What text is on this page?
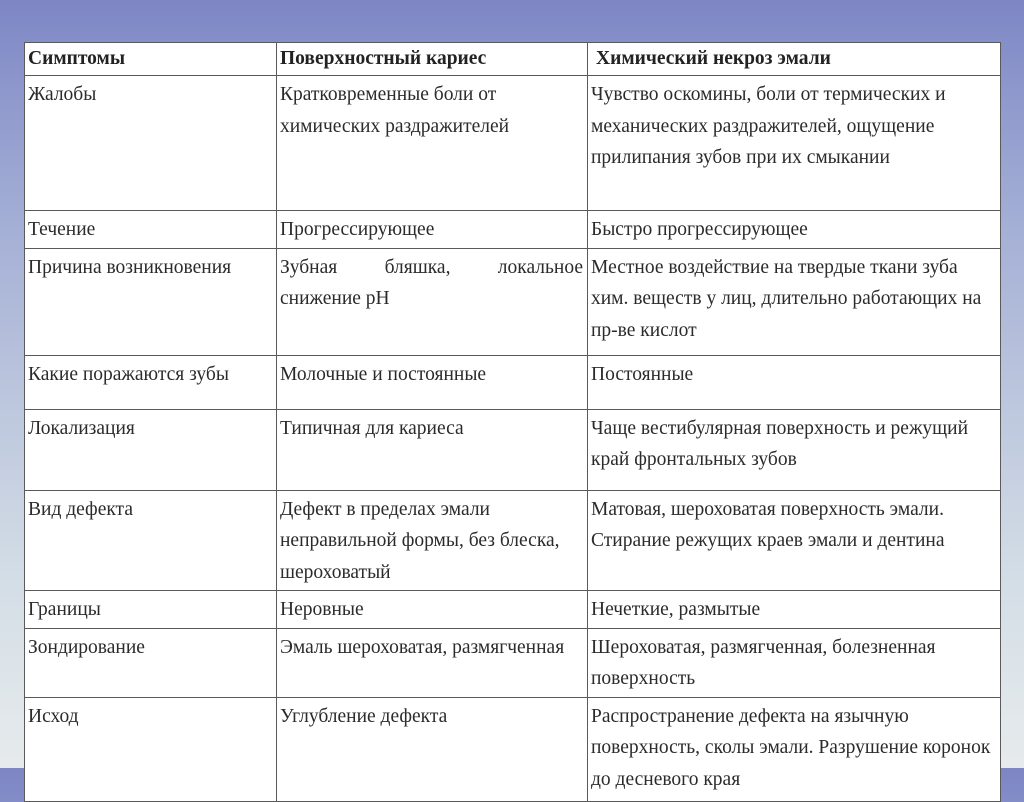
Симптомы	Поверхностный кариес	Химический некроз эмали
Жалобы	Кратковременные боли от химических раздражителей	Чувство оскомины, боли от термических и механических раздражителей, ощущение прилипания зубов при их смыкании
Течение	Прогрессирующее	Быстро прогрессирующее
Причина возникновения	Зубная бляшка, локальное снижение pH	Местное воздействие на твердые ткани зуба хим. веществ у лиц, длительно работающих на пр-ве кислот
Какие поражаются зубы	Молочные и постоянные	Постоянные
Локализация	Типичная для кариеса	Чаще вестибулярная поверхность и режущий край фронтальных зубов
Вид дефекта	Дефект в пределах эмали неправильной формы, без блеска, шероховатый	Матовая, шероховатая поверхность эмали. Стирание режущих краев эмали и дентина
Границы	Неровные	Нечеткие, размытые
Зондирование	Эмаль шероховатая, размягченная	Шероховатая, размягченная, болезненная поверхность
Исход	Углубление дефекта	Распространение дефекта на язычную поверхность, сколы эмали. Разрушение коронок до десневого края
